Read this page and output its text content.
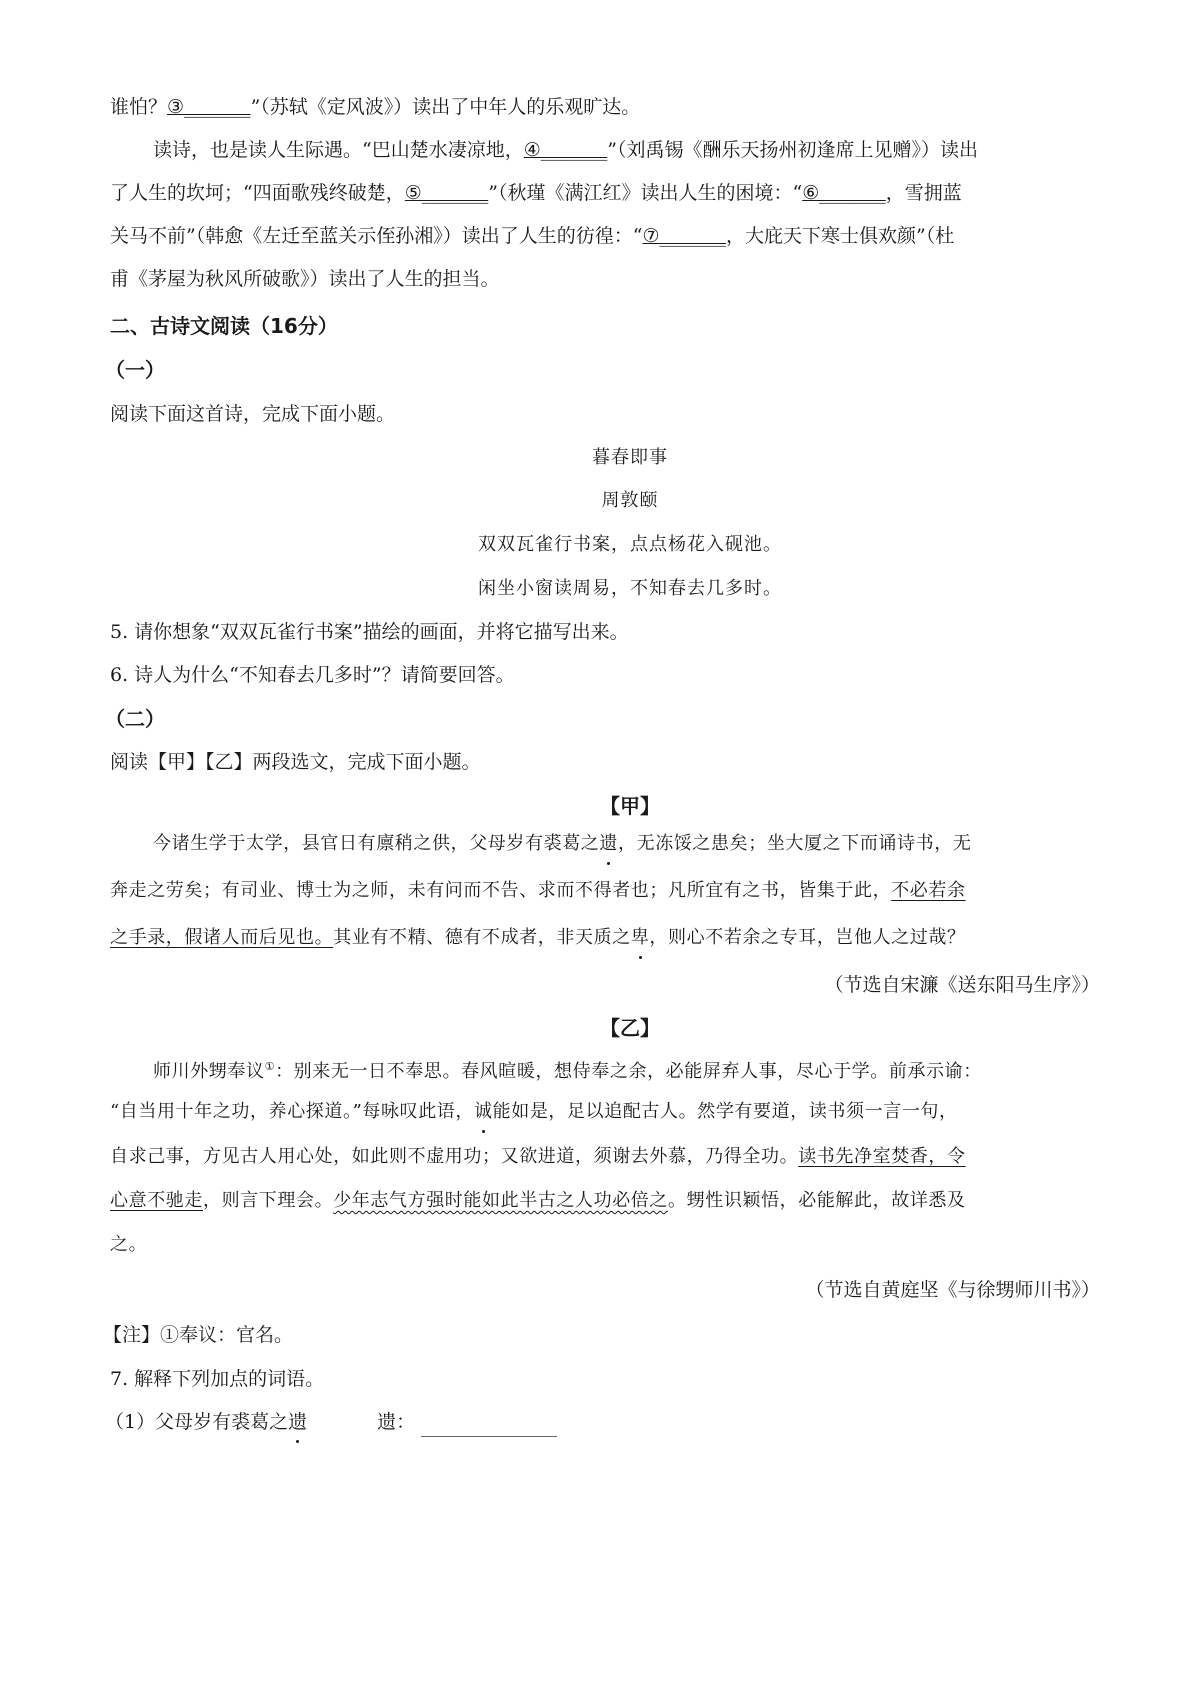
谁怕？③_______”（苏轼《定风波》）读出了中年人的乐观旷达。
读诗，也是读人生际遇。“巴山楚水凄凉地，④_______”（刘禹锡《酬乐天扬州初逢席上见赠》）读出
了人生的坎坷；“四面歌残终破楚，⑤_______”（秋瑾《满江红》读出人生的困境：“⑥_______，雪拥蓝
关马不前”（韩愈《左迁至蓝关示侄孙湘》）读出了人生的彷徨：“⑦_______，大庇天下寒士俱欢颜”（杜
甫《茅屋为秋风所破歌》）读出了人生的担当。
二、古诗文阅读（16分）
（一）
阅读下面这首诗，完成下面小题。
暮春即事
周敦颐
双双瓦雀行书案，点点杨花入砚池。
闲坐小窗读周易，不知春去几多时。
5. 请你想象“双双瓦雀行书案”描绘的画面，并将它描写出来。
6. 诗人为什么“不知春去几多时”？请简要回答。
（二）
阅读【甲】【乙】两段选文，完成下面小题。
【甲】
今诸生学于太学，县官日有廪稍之供，父母岁有裘葛之遗，无冻馁之患矣；坐大厦之下而诵诗书，无
奔走之劳矣；有司业、博士为之师，未有问而不告、求而不得者也；凡所宜有之书，皆集于此，不必若余
之手录，假诸人而后见也。其业有不精、德有不成者，非天质之卑，则心不若余之专耳，岂他人之过哉？
（节选自宋濂《送东阳马生序》）
【乙】
师川外甥奉议①：别来无一日不奉思。春风暄暖，想侍奉之余，必能屏弃人事，尽心于学。前承示谕：
“自当用十年之功，养心探道。”每咏叹此语，诚能如是，足以追配古人。然学有要道，读书须一言一句，
自求己事，方见古人用心处，如此则不虚用功；又欲进道，须谢去外慕，乃得全功。读书先净室焚香，令
心意不驰走，则言下理会。少年志气方强时能如此半古之人功必倍之。甥性识颖悟，必能解此，故详悉及
之。
（节选自黄庭坚《与徐甥师川书》）
【注】①奉议：官名。
7. 解释下列加点的词语。
（1）父母岁有裘葛之遗	遗：
